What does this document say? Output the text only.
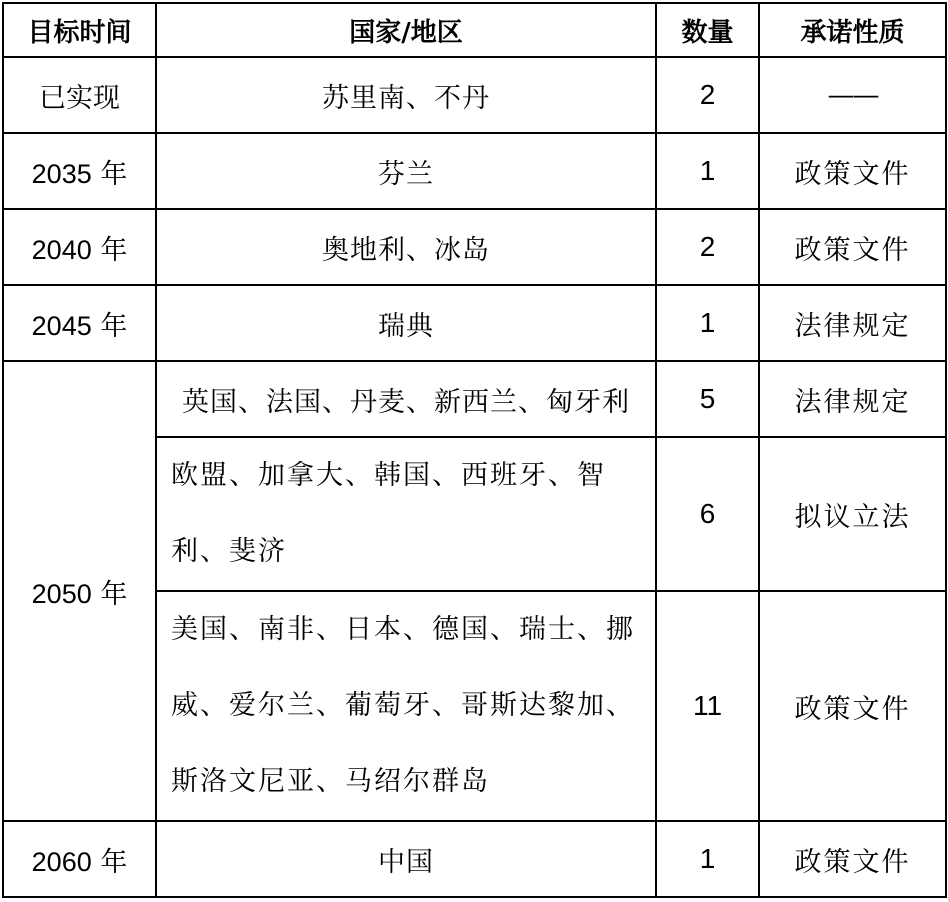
目标时间	国家/地区	数量	承诺性质
已实现	苏里南、不丹	2	——
2035 年	芬兰	1	政策文件
2040 年	奥地利、冰岛	2	政策文件
2045 年	瑞典	1	法律规定
2050 年	英国、法国、丹麦、新西兰、匈牙利	5	法律规定
	欧盟、加拿大、韩国、西班牙、智利、斐济	6	拟议立法
	美国、南非、日本、德国、瑞士、挪威、爱尔兰、葡萄牙、哥斯达黎加、斯洛文尼亚、马绍尔群岛	11	政策文件
2060 年	中国	1	政策文件
